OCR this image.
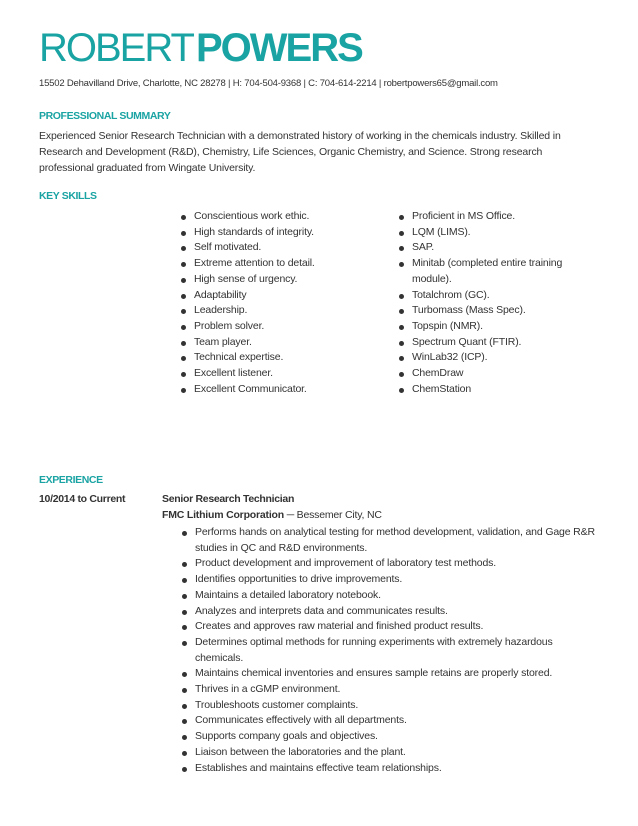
ROBERTPOWERS
15502 Dehavilland Drive, Charlotte, NC 28278 | H: 704-504-9368 | C: 704-614-2214 | robertpowers65@gmail.com
PROFESSIONAL SUMMARY
Experienced Senior Research Technician with a demonstrated history of working in the chemicals industry. Skilled in Research and Development (R&D), Chemistry, Life Sciences, Organic Chemistry, and Science. Strong research professional graduated from Wingate University.
KEY SKILLS
Conscientious work ethic.
High standards of integrity.
Self motivated.
Extreme attention to detail.
High sense of urgency.
Adaptability
Leadership.
Problem solver.
Team player.
Technical expertise.
Excellent listener.
Excellent Communicator.
Proficient in MS Office.
LQM (LIMS).
SAP.
Minitab (completed entire training module).
Totalchrom (GC).
Turbomass (Mass Spec).
Topspin (NMR).
Spectrum Quant (FTIR).
WinLab32 (ICP).
ChemDraw
ChemStation
EXPERIENCE
10/2014 to Current	Senior Research Technician
FMC Lithium Corporation ─ Bessemer City, NC
Performs hands on analytical testing for method development, validation, and Gage R&R studies in QC and R&D environments.
Product development and improvement of laboratory test methods.
Identifies opportunities to drive improvements.
Maintains a detailed laboratory notebook.
Analyzes and interprets data and communicates results.
Creates and approves raw material and finished product results.
Determines optimal methods for running experiments with extremely hazardous chemicals.
Maintains chemical inventories and ensures sample retains are properly stored.
Thrives in a cGMP environment.
Troubleshoots customer complaints.
Communicates effectively with all departments.
Supports company goals and objectives.
Liaison between the laboratories and the plant.
Establishes and maintains effective team relationships.
